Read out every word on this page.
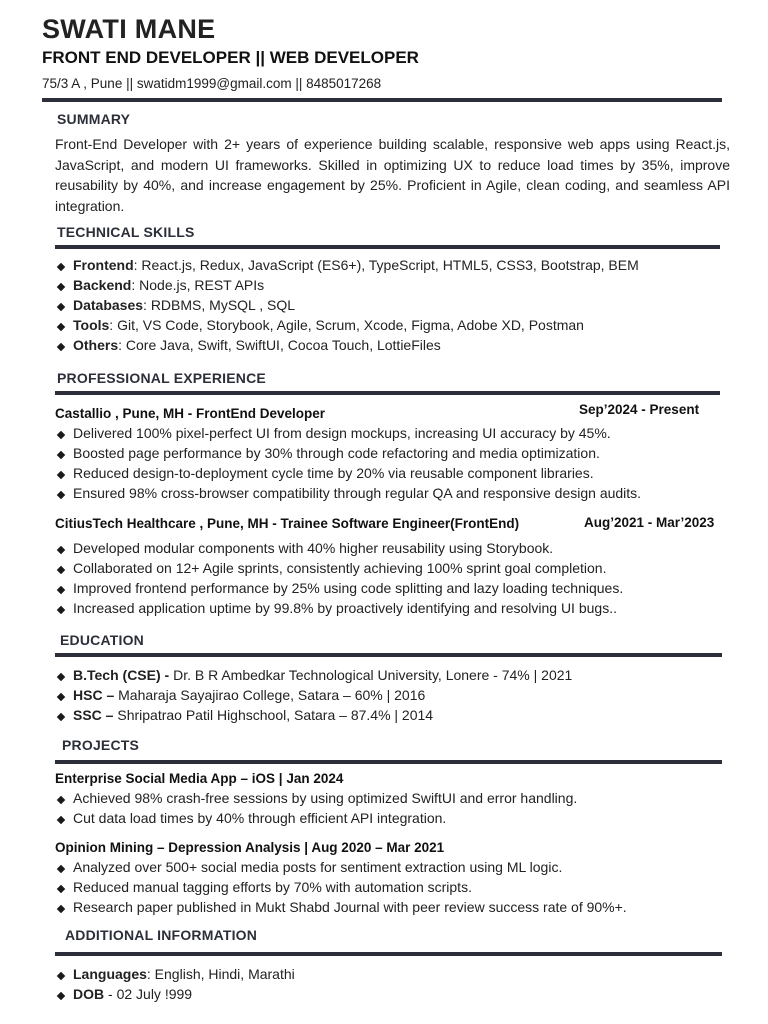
SWATI MANE
FRONT END DEVELOPER || WEB DEVELOPER
75/3 A , Pune || swatidm1999@gmail.com || 8485017268
SUMMARY
Front-End Developer with 2+ years of experience building scalable, responsive web apps using React.js, JavaScript, and modern UI frameworks. Skilled in optimizing UX to reduce load times by 35%, improve reusability by 40%, and increase engagement by 25%. Proficient in Agile, clean coding, and seamless API integration.
TECHNICAL SKILLS
Frontend: React.js, Redux, JavaScript (ES6+), TypeScript, HTML5, CSS3, Bootstrap, BEM
Backend: Node.js, REST APIs
Databases: RDBMS, MySQL , SQL
Tools: Git, VS Code, Storybook, Agile, Scrum, Xcode, Figma, Adobe XD, Postman
Others: Core Java, Swift, SwiftUI, Cocoa Touch, LottieFiles
PROFESSIONAL EXPERIENCE
Castallio , Pune, MH - FrontEnd Developer	Sep’2024 - Present
Delivered 100% pixel-perfect UI from design mockups, increasing UI accuracy by 45%.
Boosted page performance by 30% through code refactoring and media optimization.
Reduced design-to-deployment cycle time by 20% via reusable component libraries.
Ensured 98% cross-browser compatibility through regular QA and responsive design audits.
CitiusTech Healthcare , Pune, MH - Trainee Software Engineer(FrontEnd)	Aug’2021 - Mar’2023
Developed modular components with 40% higher reusability using Storybook.
Collaborated on 12+ Agile sprints, consistently achieving 100% sprint goal completion.
Improved frontend performance by 25% using code splitting and lazy loading techniques.
Increased application uptime by 99.8% by proactively identifying and resolving UI bugs..
EDUCATION
B.Tech (CSE) - Dr. B R Ambedkar Technological University, Lonere - 74% | 2021
HSC – Maharaja Sayajirao College, Satara – 60% | 2016
SSC – Shripatrao Patil Highschool, Satara – 87.4% | 2014
PROJECTS
Enterprise Social Media App – iOS | Jan 2024
Achieved 98% crash-free sessions by using optimized SwiftUI and error handling.
Cut data load times by 40% through efficient API integration.
Opinion Mining – Depression Analysis | Aug 2020 – Mar 2021
Analyzed over 500+ social media posts for sentiment extraction using ML logic.
Reduced manual tagging efforts by 70% with automation scripts.
Research paper published in Mukt Shabd Journal with peer review success rate of 90%+.
ADDITIONAL INFORMATION
Languages: English, Hindi, Marathi
DOB - 02 July !999
